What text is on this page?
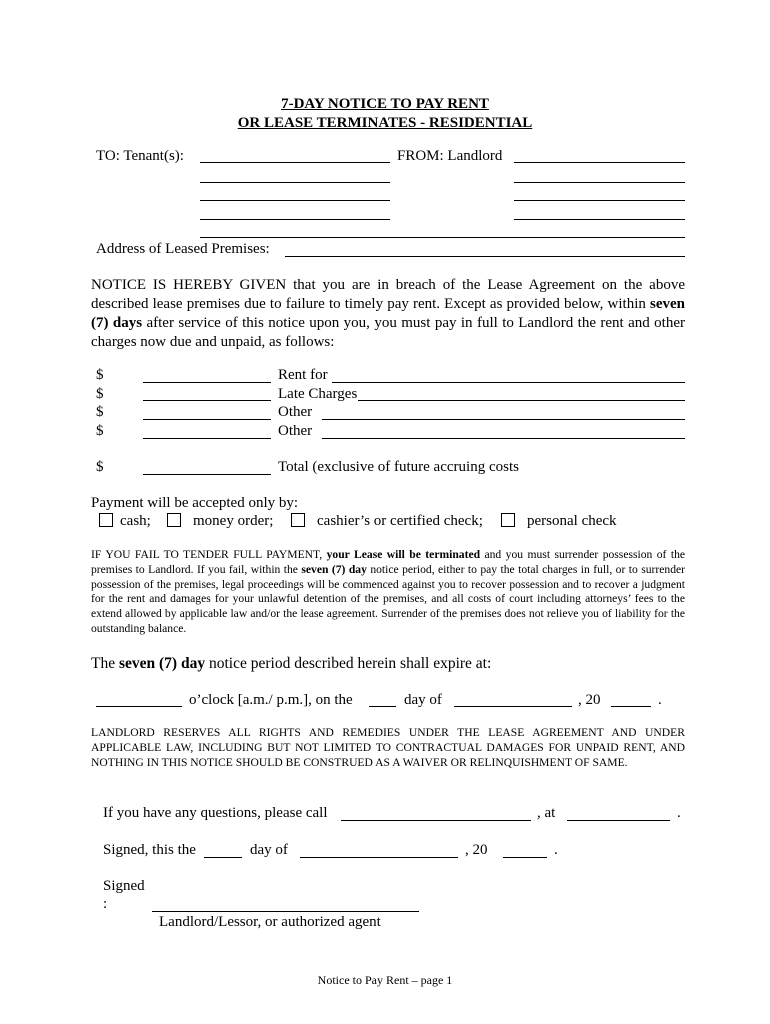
7-DAY NOTICE TO PAY RENT
OR LEASE TERMINATES - RESIDENTIAL
TO: Tenant(s):	FROM: Landlord
Address of Leased Premises:
NOTICE IS HEREBY GIVEN that you are in breach of the Lease Agreement on the above described lease premises due to failure to timely pay rent. Except as provided below, within seven (7) days after service of this notice upon you, you must pay in full to Landlord the rent and other charges now due and unpaid, as follows:
$	Rent for
$	Late Charges
$	Other
$	Other
$	Total (exclusive of future accruing costs
Payment will be accepted only by:
cash;	money order;	cashier’s or certified check;	personal check
IF YOU FAIL TO TENDER FULL PAYMENT, your Lease will be terminated and you must surrender possession of the premises to Landlord. If you fail, within the seven (7) day notice period, either to pay the total charges in full, or to surrender possession of the premises, legal proceedings will be commenced against you to recover possession and to recover a judgment for the rent and damages for your unlawful detention of the premises, and all costs of court including attorneys’ fees to the extend allowed by applicable law and/or the lease agreement. Surrender of the premises does not relieve you of liability for the outstanding balance.
The seven (7) day notice period described herein shall expire at:
o’clock [a.m./ p.m.], on the	day of	, 20	.
LANDLORD RESERVES ALL RIGHTS AND REMEDIES UNDER THE LEASE AGREEMENT AND UNDER APPLICABLE LAW, INCLUDING BUT NOT LIMITED TO CONTRACTUAL DAMAGES FOR UNPAID RENT, AND NOTHING IN THIS NOTICE SHOULD BE CONSTRUED AS A WAIVER OR RELINQUISHMENT OF SAME.
If you have any questions, please call	, at	.
Signed, this the	day of	, 20	.
Signed
:
Landlord/Lessor, or authorized agent
Notice to Pay Rent – page 1
